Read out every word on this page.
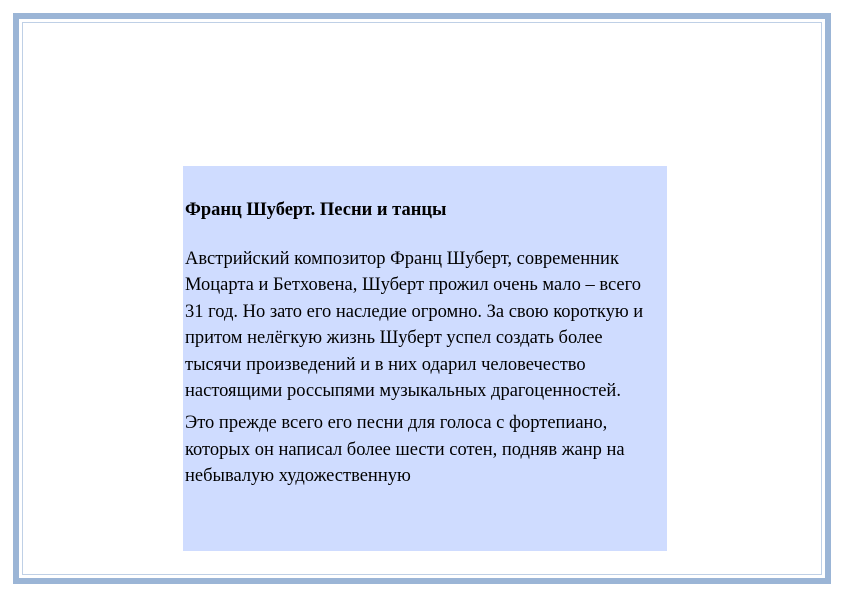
Франц Шуберт. Песни и танцы

Австрийский композитор Франц Шуберт, современник Моцарта и Бетховена, Шуберт прожил очень мало – всего 31 год. Но зато его наследие огромно. За свою короткую и притом нелёгкую жизнь Шуберт успел создать более тысячи произведений и в них одарил человечество настоящими россыпями музыкальных драгоценностей.

Это прежде всего его песни для голоса с фортепиано, которых он написал более шести сотен, подняв жанр на небывалую художественную
